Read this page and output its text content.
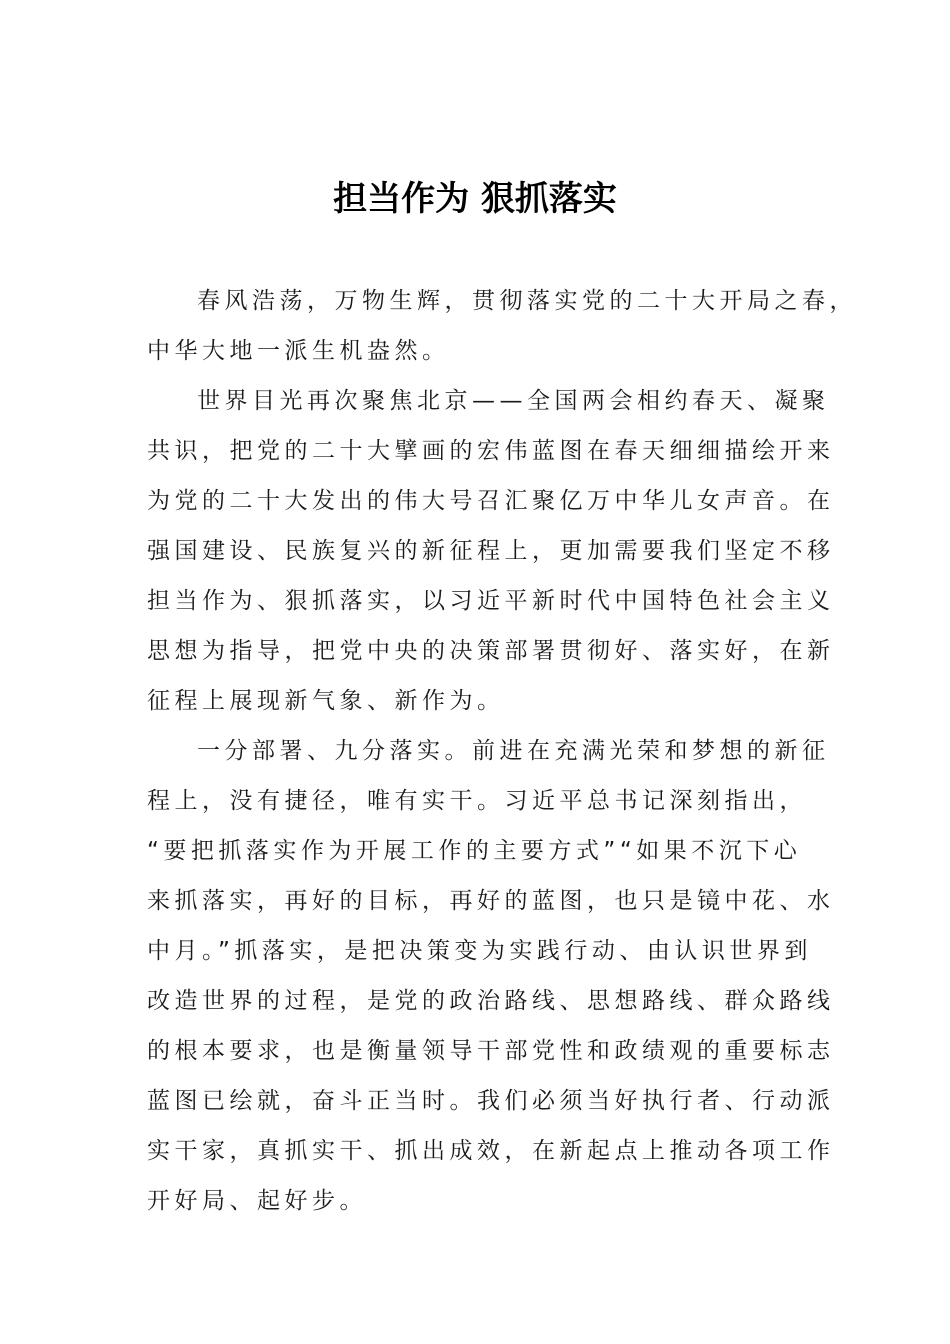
担当作为 狠抓落实
春风浩荡，万物生辉，贯彻落实党的二十大开局之春，
中华大地一派生机盎然。
世界目光再次聚焦北京——全国两会相约春天、凝聚
共识，把党的二十大擘画的宏伟蓝图在春天细细描绘开来
为党的二十大发出的伟大号召汇聚亿万中华儿女声音。在
强国建设、民族复兴的新征程上，更加需要我们坚定不移
担当作为、狠抓落实，以习近平新时代中国特色社会主义
思想为指导，把党中央的决策部署贯彻好、落实好，在新
征程上展现新气象、新作为。
一分部署、九分落实。前进在充满光荣和梦想的新征
程上，没有捷径，唯有实干。习近平总书记深刻指出，
“要把抓落实作为开展工作的主要方式”“如果不沉下心
来抓落实，再好的目标，再好的蓝图，也只是镜中花、水
中月。”抓落实，是把决策变为实践行动、由认识世界到
改造世界的过程，是党的政治路线、思想路线、群众路线
的根本要求，也是衡量领导干部党性和政绩观的重要标志
蓝图已绘就，奋斗正当时。我们必须当好执行者、行动派
实干家，真抓实干、抓出成效，在新起点上推动各项工作
开好局、起好步。
